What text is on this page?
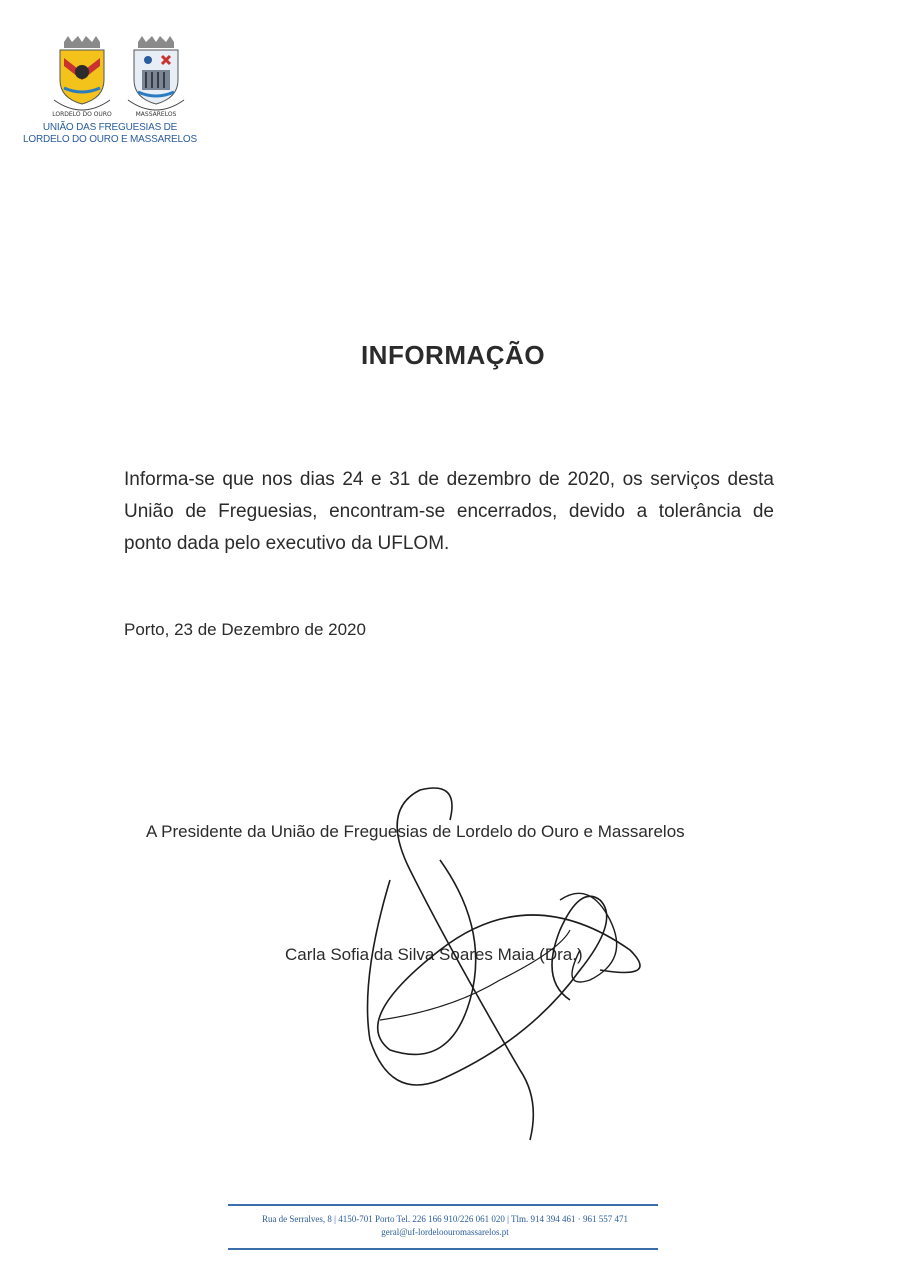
LORDELO DO OURO	MASSARELOS
UNIÃO DAS FREGUESIAS DE
LORDELO DO OURO E MASSARELOS
INFORMAÇÃO
Informa-se que nos dias 24 e 31 de dezembro de 2020, os serviços desta União de Freguesias, encontram-se encerrados, devido a tolerância de ponto dada pelo executivo da UFLOM.
Porto, 23 de Dezembro de 2020
A Presidente da União de Freguesias de Lordelo do Ouro e Massarelos
Carla Sofia da Silva Soares Maia (Dra.)
Rua de Serralves, 8 | 4150-701 Porto Tel. 226 166 910/226 061 020 | Tlm. 914 394 461 · 961 557 471
geral@uf-lordeloouromassarelos.pt
